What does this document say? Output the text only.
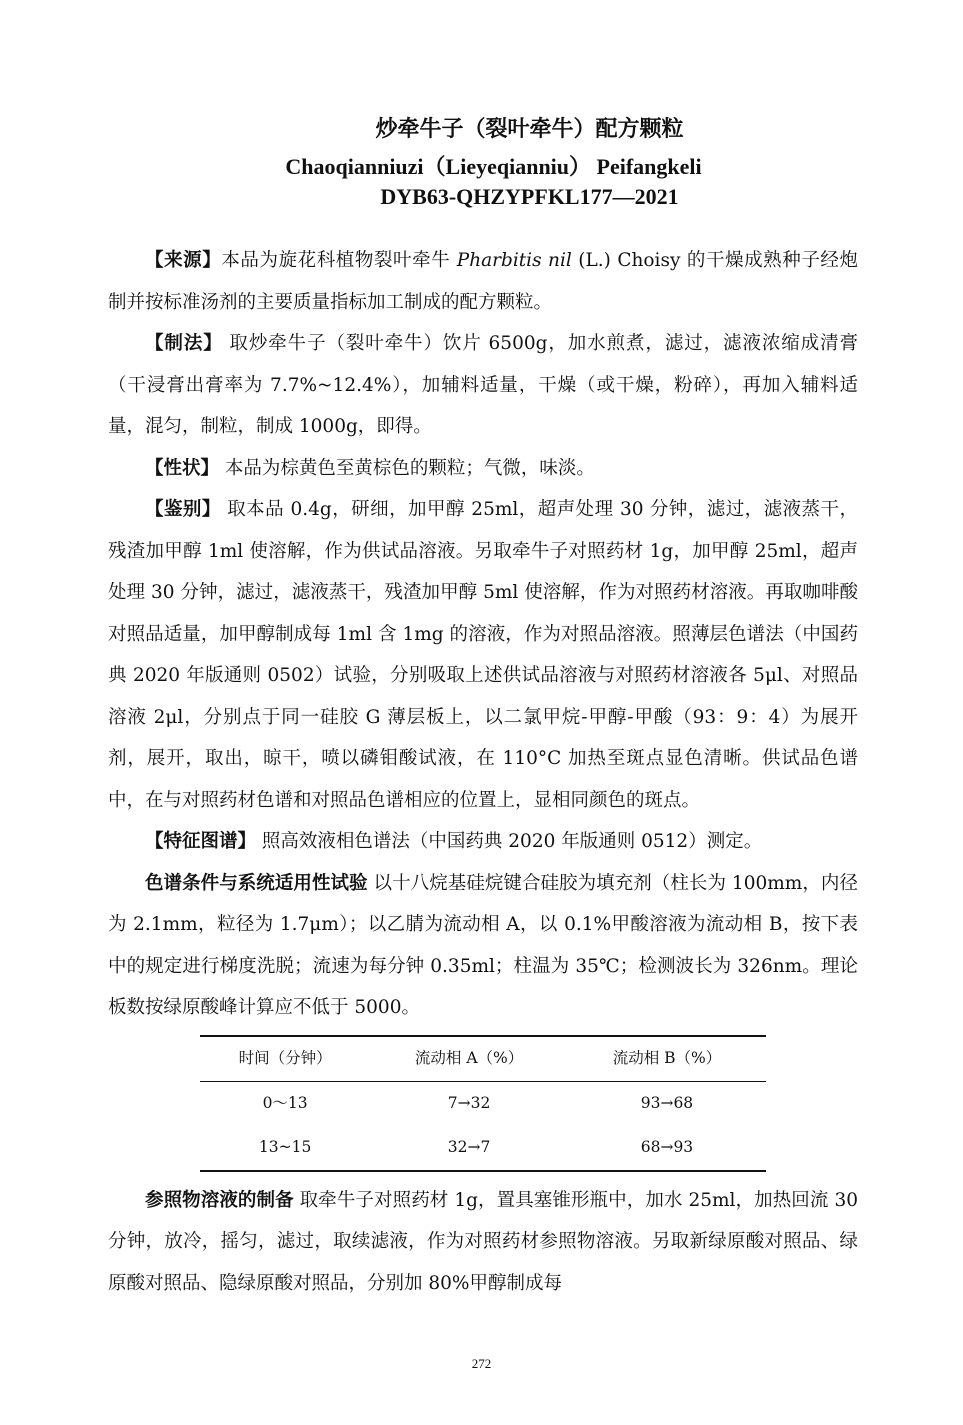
炒牵牛子（裂叶牵牛）配方颗粒
Chaoqianniuzi（Lieyeqianniu） Peifangkeli
DYB63-QHZYPFKL177—2021

【来源】本品为旋花科植物裂叶牵牛 Pharbitis nil (L.) Choisy 的干燥成熟种子经炮制并按标准汤剂的主要质量指标加工制成的配方颗粒。

【制法】 取炒牵牛子（裂叶牵牛）饮片 6500g，加水煎煮，滤过，滤液浓缩成清膏（干浸膏出膏率为 7.7%~12.4%），加辅料适量，干燥（或干燥，粉碎），再加入辅料适量，混匀，制粒，制成 1000g，即得。

【性状】 本品为棕黄色至黄棕色的颗粒；气微，味淡。

【鉴别】 取本品 0.4g，研细，加甲醇 25ml，超声处理 30 分钟，滤过，滤液蒸干，残渣加甲醇 1ml 使溶解，作为供试品溶液。另取牵牛子对照药材 1g，加甲醇 25ml，超声处理 30 分钟，滤过，滤液蒸干，残渣加甲醇 5ml 使溶解，作为对照药材溶液。再取咖啡酸对照品适量，加甲醇制成每 1ml 含 1mg 的溶液，作为对照品溶液。照薄层色谱法（中国药典 2020 年版通则 0502）试验，分别吸取上述供试品溶液与对照药材溶液各 5μl、对照品溶液 2μl，分别点于同一硅胶 G 薄层板上，以二氯甲烷-甲醇-甲酸（93：9：4）为展开剂，展开，取出，晾干，喷以磷钼酸试液，在 110°C 加热至斑点显色清晰。供试品色谱中，在与对照药材色谱和对照品色谱相应的位置上，显相同颜色的斑点。

【特征图谱】 照高效液相色谱法（中国药典 2020 年版通则 0512）测定。

色谱条件与系统适用性试验 以十八烷基硅烷键合硅胶为填充剂（柱长为 100mm，内径为 2.1mm，粒径为 1.7μm）；以乙腈为流动相 A，以 0.1%甲酸溶液为流动相 B，按下表中的规定进行梯度洗脱；流速为每分钟 0.35ml；柱温为 35℃；检测波长为 326nm。理论板数按绿原酸峰计算应不低于 5000。

时间（分钟）	流动相 A（%）	流动相 B（%）
0～13	7→32	93→68
13~15	32→7	68→93

参照物溶液的制备 取牵牛子对照药材 1g，置具塞锥形瓶中，加水 25ml，加热回流 30 分钟，放冷，摇匀，滤过，取续滤液，作为对照药材参照物溶液。另取新绿原酸对照品、绿原酸对照品、隐绿原酸对照品，分别加 80%甲醇制成每

272
